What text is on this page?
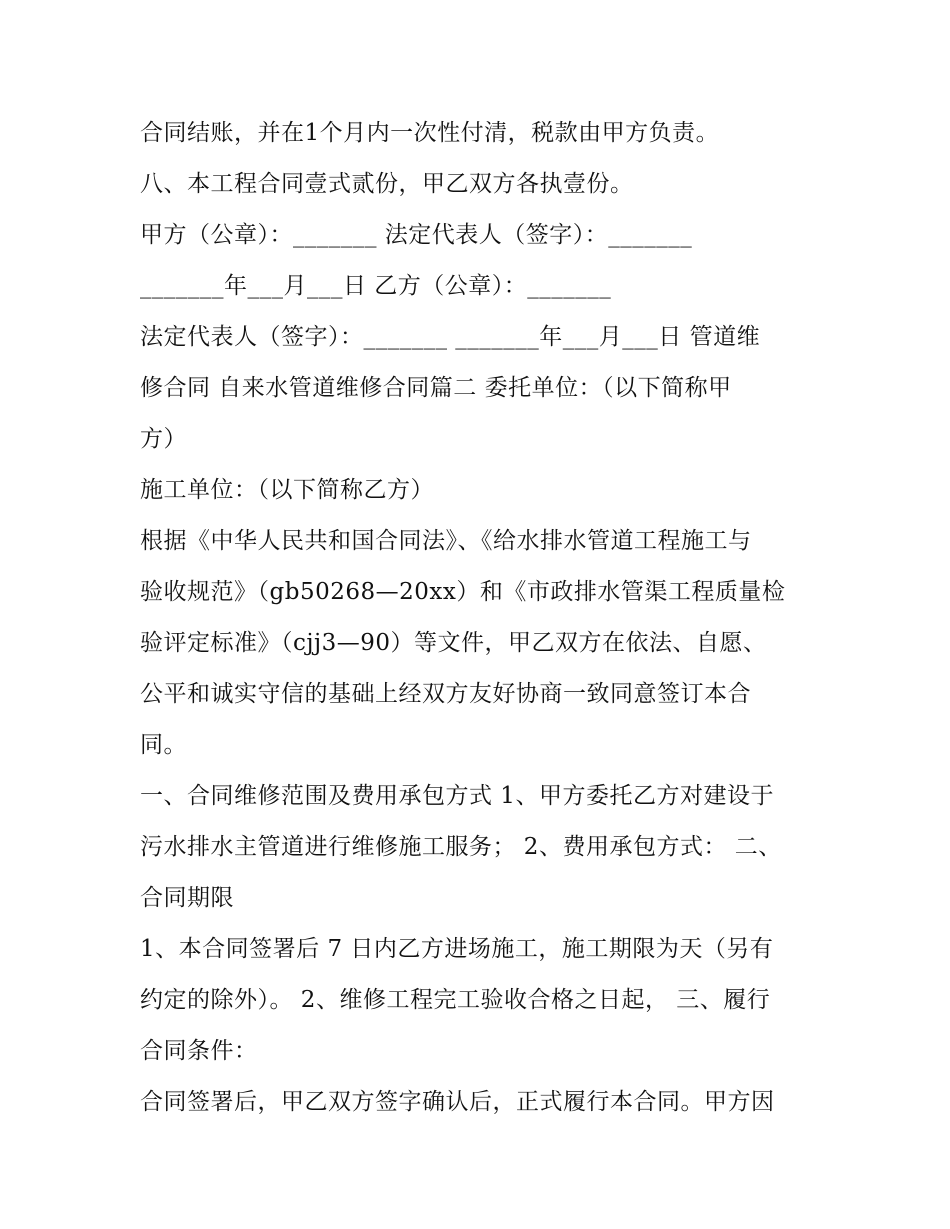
合同结账，并在1个月内一次性付清，税款由甲方负责。
八、本工程合同壹式贰份，甲乙双方各执壹份。
甲方（公章）：_______ 法定代表人（签字）：_______
_______年___月___日 乙方（公章）：_______
法定代表人（签字）：_______ _______年___月___日 管道维
修合同 自来水管道维修合同篇二 委托单位：（以下简称甲
方）
施工单位：（以下简称乙方）
根据《中华人民共和国合同法》、《给水排水管道工程施工与
验收规范》（gb50268—20xx）和《市政排水管渠工程质量检
验评定标准》（cjj3—90）等文件，甲乙双方在依法、自愿、
公平和诚实守信的基础上经双方友好协商一致同意签订本合
同。
一、合同维修范围及费用承包方式 1、甲方委托乙方对建设于
污水排水主管道进行维修施工服务； 2、费用承包方式： 二、
合同期限
1、本合同签署后 7 日内乙方进场施工，施工期限为天（另有
约定的除外）。 2、维修工程完工验收合格之日起， 三、履行
合同条件：
合同签署后，甲乙双方签字确认后，正式履行本合同。甲方因
